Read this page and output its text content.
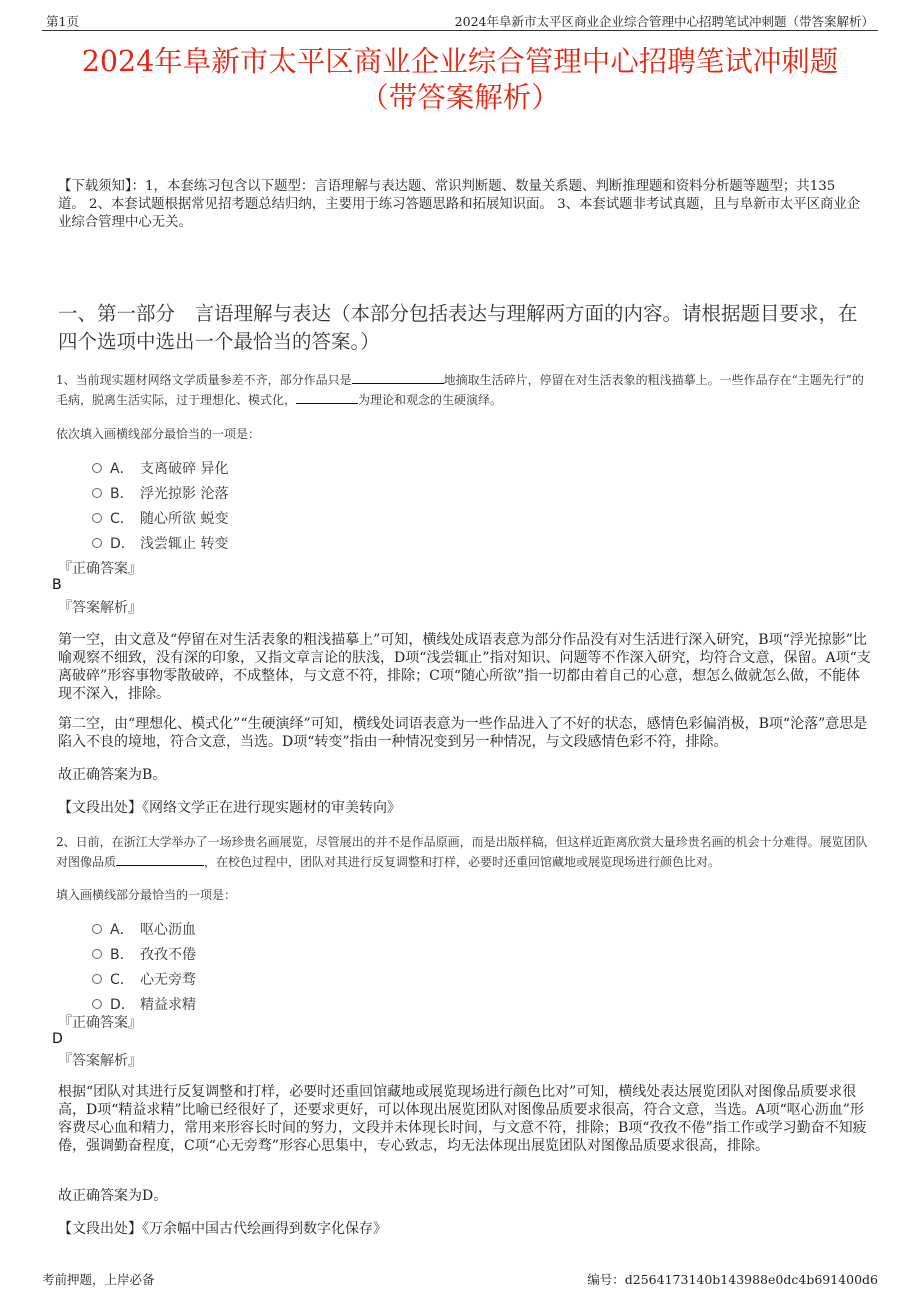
第1页	2024年阜新市太平区商业企业综合管理中心招聘笔试冲刺题（带答案解析）
2024年阜新市太平区商业企业综合管理中心招聘笔试冲刺题
（带答案解析）
【下载须知】：1，本套练习包含以下题型：言语理解与表达题、常识判断题、数量关系题、判断推理题和资料分析题等题型；共135道。 2、本套试题根据常见招考题总结归纳，主要用于练习答题思路和拓展知识面。 3、本套试题非考试真题，且与阜新市太平区商业企业综合管理中心无关。
一、第一部分　言语理解与表达（本部分包括表达与理解两方面的内容。请根据题目要求，在四个选项中选出一个最恰当的答案。）
1、当前现实题材网络文学质量参差不齐，部分作品只是	地摘取生活碎片，停留在对生活表象的粗浅描摹上。一些作品存在“主题先行”的毛病，脱离生活实际，过于理想化、模式化，	为理论和观念的生硬演绎。
依次填入画横线部分最恰当的一项是：
A． 支离破碎 异化
B． 浮光掠影 沦落
C． 随心所欲 蜕变
D． 浅尝辄止 转变
『正确答案』
B
『答案解析』
第一空，由文意及“停留在对生活表象的粗浅描摹上”可知，横线处成语表意为部分作品没有对生活进行深入研究，B项“浮光掠影”比喻观察不细致，没有深的印象，又指文章言论的肤浅，D项“浅尝辄止”指对知识、问题等不作深入研究，均符合文意，保留。A项“支离破碎”形容事物零散破碎，不成整体，与文意不符，排除；C项“随心所欲”指一切都由着自己的心意，想怎么做就怎么做，不能体现不深入，排除。
第二空，由“理想化、模式化”“生硬演绎”可知，横线处词语表意为一些作品进入了不好的状态，感情色彩偏消极，B项“沦落”意思是陷入不良的境地，符合文意，当选。D项“转变”指由一种情况变到另一种情况，与文段感情色彩不符，排除。
故正确答案为B。
【文段出处】《网络文学正在进行现实题材的审美转向》
2、日前，在浙江大学举办了一场珍贵名画展览，尽管展出的并不是作品原画，而是出版样稿，但这样近距离欣赏大量珍贵名画的机会十分难得。展览团队对图像品质	，在校色过程中，团队对其进行反复调整和打样，必要时还重回馆藏地或展览现场进行颜色比对。
填入画横线部分最恰当的一项是：
A． 呕心沥血
B． 孜孜不倦
C． 心无旁骛
D． 精益求精
『正确答案』
D
『答案解析』
根据“团队对其进行反复调整和打样，必要时还重回馆藏地或展览现场进行颜色比对”可知，横线处表达展览团队对图像品质要求很高，D项“精益求精”比喻已经很好了，还要求更好，可以体现出展览团队对图像品质要求很高，符合文意，当选。A项“呕心沥血”形容费尽心血和精力，常用来形容长时间的努力，文段并未体现长时间，与文意不符，排除；B项“孜孜不倦”指工作或学习勤奋不知疲倦，强调勤奋程度，C项“心无旁骛”形容心思集中，专心致志，均无法体现出展览团队对图像品质要求很高，排除。
故正确答案为D。
【文段出处】《万余幅中国古代绘画得到数字化保存》
考前押题，上岸必备	编号：d2564173140b143988e0dc4b691400d6
